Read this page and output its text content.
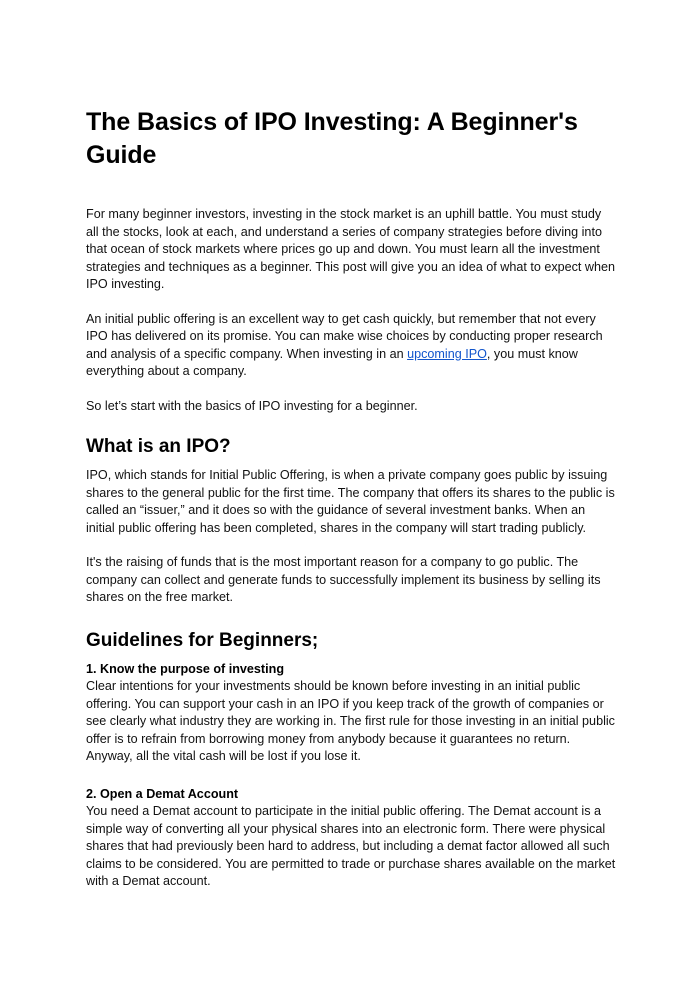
The Basics of IPO Investing: A Beginner's Guide

For many beginner investors, investing in the stock market is an uphill battle. You must study all the stocks, look at each, and understand a series of company strategies before diving into that ocean of stock markets where prices go up and down. You must learn all the investment strategies and techniques as a beginner. This post will give you an idea of what to expect when IPO investing.

An initial public offering is an excellent way to get cash quickly, but remember that not every IPO has delivered on its promise. You can make wise choices by conducting proper research and analysis of a specific company. When investing in an upcoming IPO, you must know everything about a company.

So let’s start with the basics of IPO investing for a beginner.

What is an IPO?

IPO, which stands for Initial Public Offering, is when a private company goes public by issuing shares to the general public for the first time. The company that offers its shares to the public is called an “issuer,” and it does so with the guidance of several investment banks. When an initial public offering has been completed, shares in the company will start trading publicly.

It's the raising of funds that is the most important reason for a company to go public. The company can collect and generate funds to successfully implement its business by selling its shares on the free market.

Guidelines for Beginners;
1. Know the purpose of investing

Clear intentions for your investments should be known before investing in an initial public offering. You can support your cash in an IPO if you keep track of the growth of companies or see clearly what industry they are working in. The first rule for those investing in an initial public offer is to refrain from borrowing money from anybody because it guarantees no return. Anyway, all the vital cash will be lost if you lose it.

2. Open a Demat Account

You need a Demat account to participate in the initial public offering. The Demat account is a simple way of converting all your physical shares into an electronic form. There were physical shares that had previously been hard to address, but including a demat factor allowed all such claims to be considered. You are permitted to trade or purchase shares available on the market with a Demat account.
